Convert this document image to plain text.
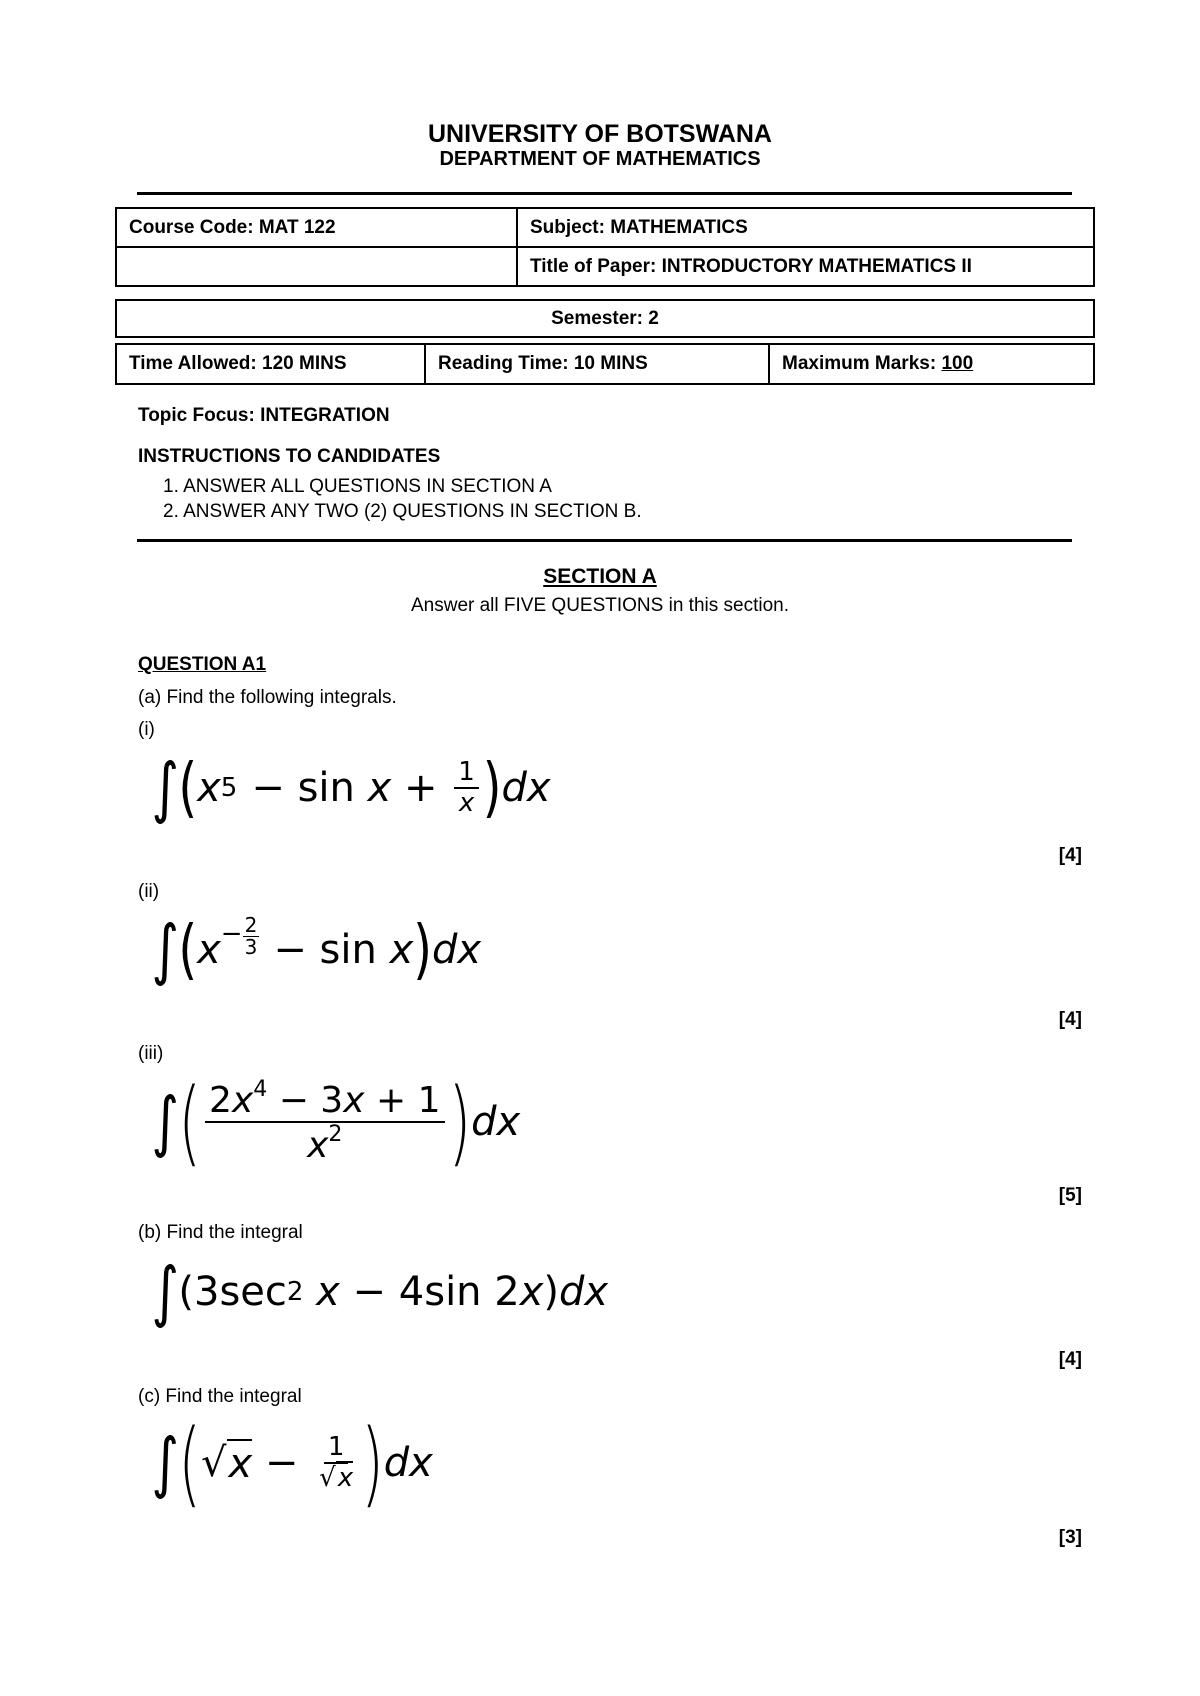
UNIVERSITY OF BOTSWANA
DEPARTMENT OF MATHEMATICS
Course Code: MAT 122	Subject: MATHEMATICS
	Title of Paper: INTRODUCTORY MATHEMATICS II
Semester: 2
Time Allowed: 120 MINS	Reading Time: 10 MINS	Maximum Marks: 100
Topic Focus: INTEGRATION
INSTRUCTIONS TO CANDIDATES
1. ANSWER ALL QUESTIONS IN SECTION A
2. ANSWER ANY TWO (2) QUESTIONS IN SECTION B.
SECTION A
Answer all FIVE QUESTIONS in this section.
QUESTION A1
(a) Find the following integrals.
(i)
∫ ( x $5 - \sin x + \frac{1}{x}$ ) dx
[4]
(ii)
∫ ( $x - \frac{2}{3} - \sin x$ ) dx
[4]
(iii)
∫ ( $\frac{2x^4 - 3x + 1}{x^2}$ ) dx
[5]
(b) Find the integral
∫ (3sec 2
x − 4sin 2 x ) dx
[4]
(c) Find the integral
∫ ( √ $x - \frac{1}{√x}$ ) dx
[3]
